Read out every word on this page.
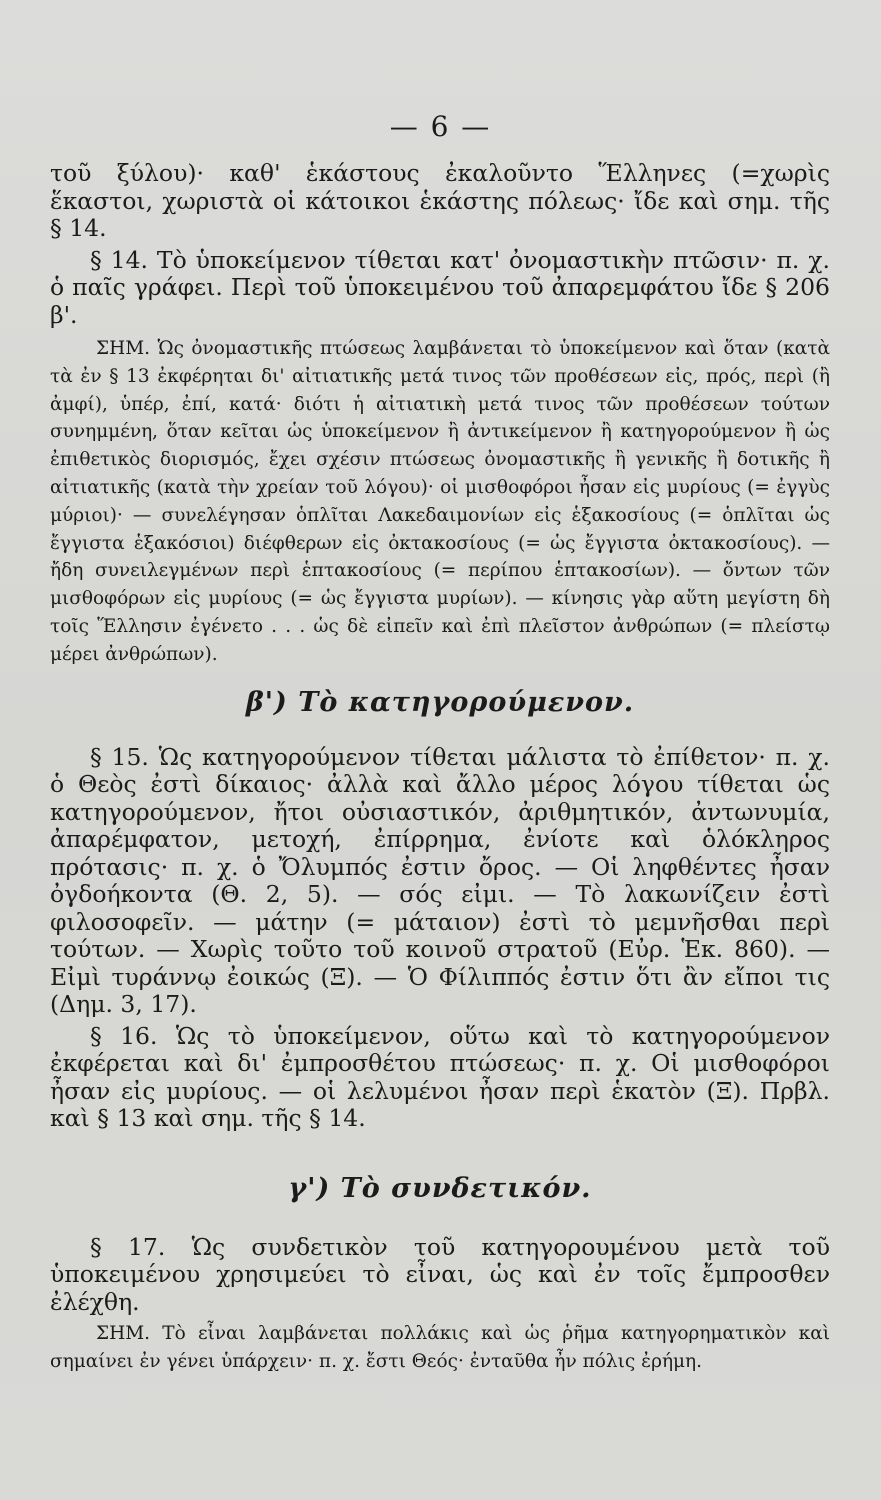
— 6 —

τοῦ ξύλου)· καθ' ἑκάστους ἐκαλοῦντο Ἕλληνες (=χωρὶς ἕκαστοι, χωριστὰ οἱ κάτοικοι ἑκάστης πόλεως· ἴδε καὶ σημ. τῆς § 14.

§ 14. Τὸ ὑποκείμενον τίθεται κατ' ὀνομαστικὴν πτῶσιν· π. χ. ὁ παῖς γράφει. Περὶ τοῦ ὑποκειμένου τοῦ ἀπαρεμφάτου ἴδε § 206 β'.

ΣΗΜ. Ὡς ὀνομαστικῆς πτώσεως λαμβάνεται τὸ ὑποκείμενον καὶ ὅταν (κατὰ τὰ ἐν § 13 ἐκφέρηται δι' αἰτιατικῆς μετά τινος τῶν προθέσεων εἰς, πρός, περὶ (ἢ ἀμφί), ὑπέρ, ἐπί, κατά· διότι ἡ αἰτιατικὴ μετά τινος τῶν προθέσεων τούτων συνημμένη, ὅταν κεῖται ὡς ὑποκείμενον ἢ ἀντικείμενον ἢ κατηγορούμενον ἢ ὡς ἐπιθετικὸς διορισμός, ἔχει σχέσιν πτώσεως ὀνομαστικῆς ἢ γενικῆς ἢ δοτικῆς ἢ αἰτιατικῆς (κατὰ τὴν χρείαν τοῦ λόγου)· οἱ μισθοφόροι ἦσαν εἰς μυρίους (= ἐγγὺς μύριοι)· — συνελέγησαν ὁπλῖται Λακεδαιμονίων εἰς ἑξακοσίους (= ὁπλῖται ὡς ἔγγιστα ἑξακόσιοι) διέφθερων εἰς ὀκτακοσίους (= ὡς ἔγγιστα ὀκτακοσίους). — ἤδη συνειλεγμένων περὶ ἑπτακοσίους (= περίπου ἑπτακοσίων). — ὄντων τῶν μισθοφόρων εἰς μυρίους (= ὡς ἔγγιστα μυρίων). — κίνησις γὰρ αὕτη μεγίστη δὴ τοῖς Ἕλλησιν ἐγένετο . . . ὡς δὲ εἰπεῖν καὶ ἐπὶ πλεῖστον ἀνθρώπων (= πλείστῳ μέρει ἀνθρώπων).

β') Τὸ κατηγορούμενον.

§ 15. Ὡς κατηγορούμενον τίθεται μάλιστα τὸ ἐπίθετον· π. χ. ὁ Θεὸς ἐστὶ δίκαιος· ἀλλὰ καὶ ἄλλο μέρος λόγου τίθεται ὡς κατηγορούμενον, ἤτοι οὐσιαστικόν, ἀριθμητικόν, ἀντωνυμία, ἀπαρέμφατον, μετοχή, ἐπίρρημα, ἐνίοτε καὶ ὁλόκληρος πρότασις· π. χ. ὁ Ὄλυμπός ἐστιν ὄρος. — Οἱ ληφθέντες ἦσαν ὀγδοήκοντα (Θ. 2, 5). — σός εἰμι. — Τὸ λακωνίζειν ἐστὶ φιλοσοφεῖν. — μάτην (= μάταιον) ἐστὶ τὸ μεμνῆσθαι περὶ τούτων. — Χωρὶς τοῦτο τοῦ κοινοῦ στρατοῦ (Εὐρ. Ἑκ. 860). — Εἰμὶ τυράννῳ ἐοικώς (Ξ). — Ὁ Φίλιππός ἐστιν ὅτι ἂν εἴποι τις (Δημ. 3, 17).

§ 16. Ὡς τὸ ὑποκείμενον, οὕτω καὶ τὸ κατηγορούμενον ἐκφέρεται καὶ δι' ἐμπροσθέτου πτώσεως· π. χ. Οἱ μισθοφόροι ἦσαν εἰς μυρίους. — οἱ λελυμένοι ἦσαν περὶ ἑκατὸν (Ξ). Πρβλ. καὶ § 13 καὶ σημ. τῆς § 14.

γ') Τὸ συνδετικόν.

§ 17. Ὡς συνδετικὸν τοῦ κατηγορουμένου μετὰ τοῦ ὑποκειμένου χρησιμεύει τὸ εἶναι, ὡς καὶ ἐν τοῖς ἔμπροσθεν ἐλέχθη.

ΣΗΜ. Τὸ εἶναι λαμβάνεται πολλάκις καὶ ὡς ῥῆμα κατηγορηματικὸν καὶ σημαίνει ἐν γένει ὑπάρχειν· π. χ. ἔστι Θεός· ἐνταῦθα ἦν πόλις ἐρήμη.
